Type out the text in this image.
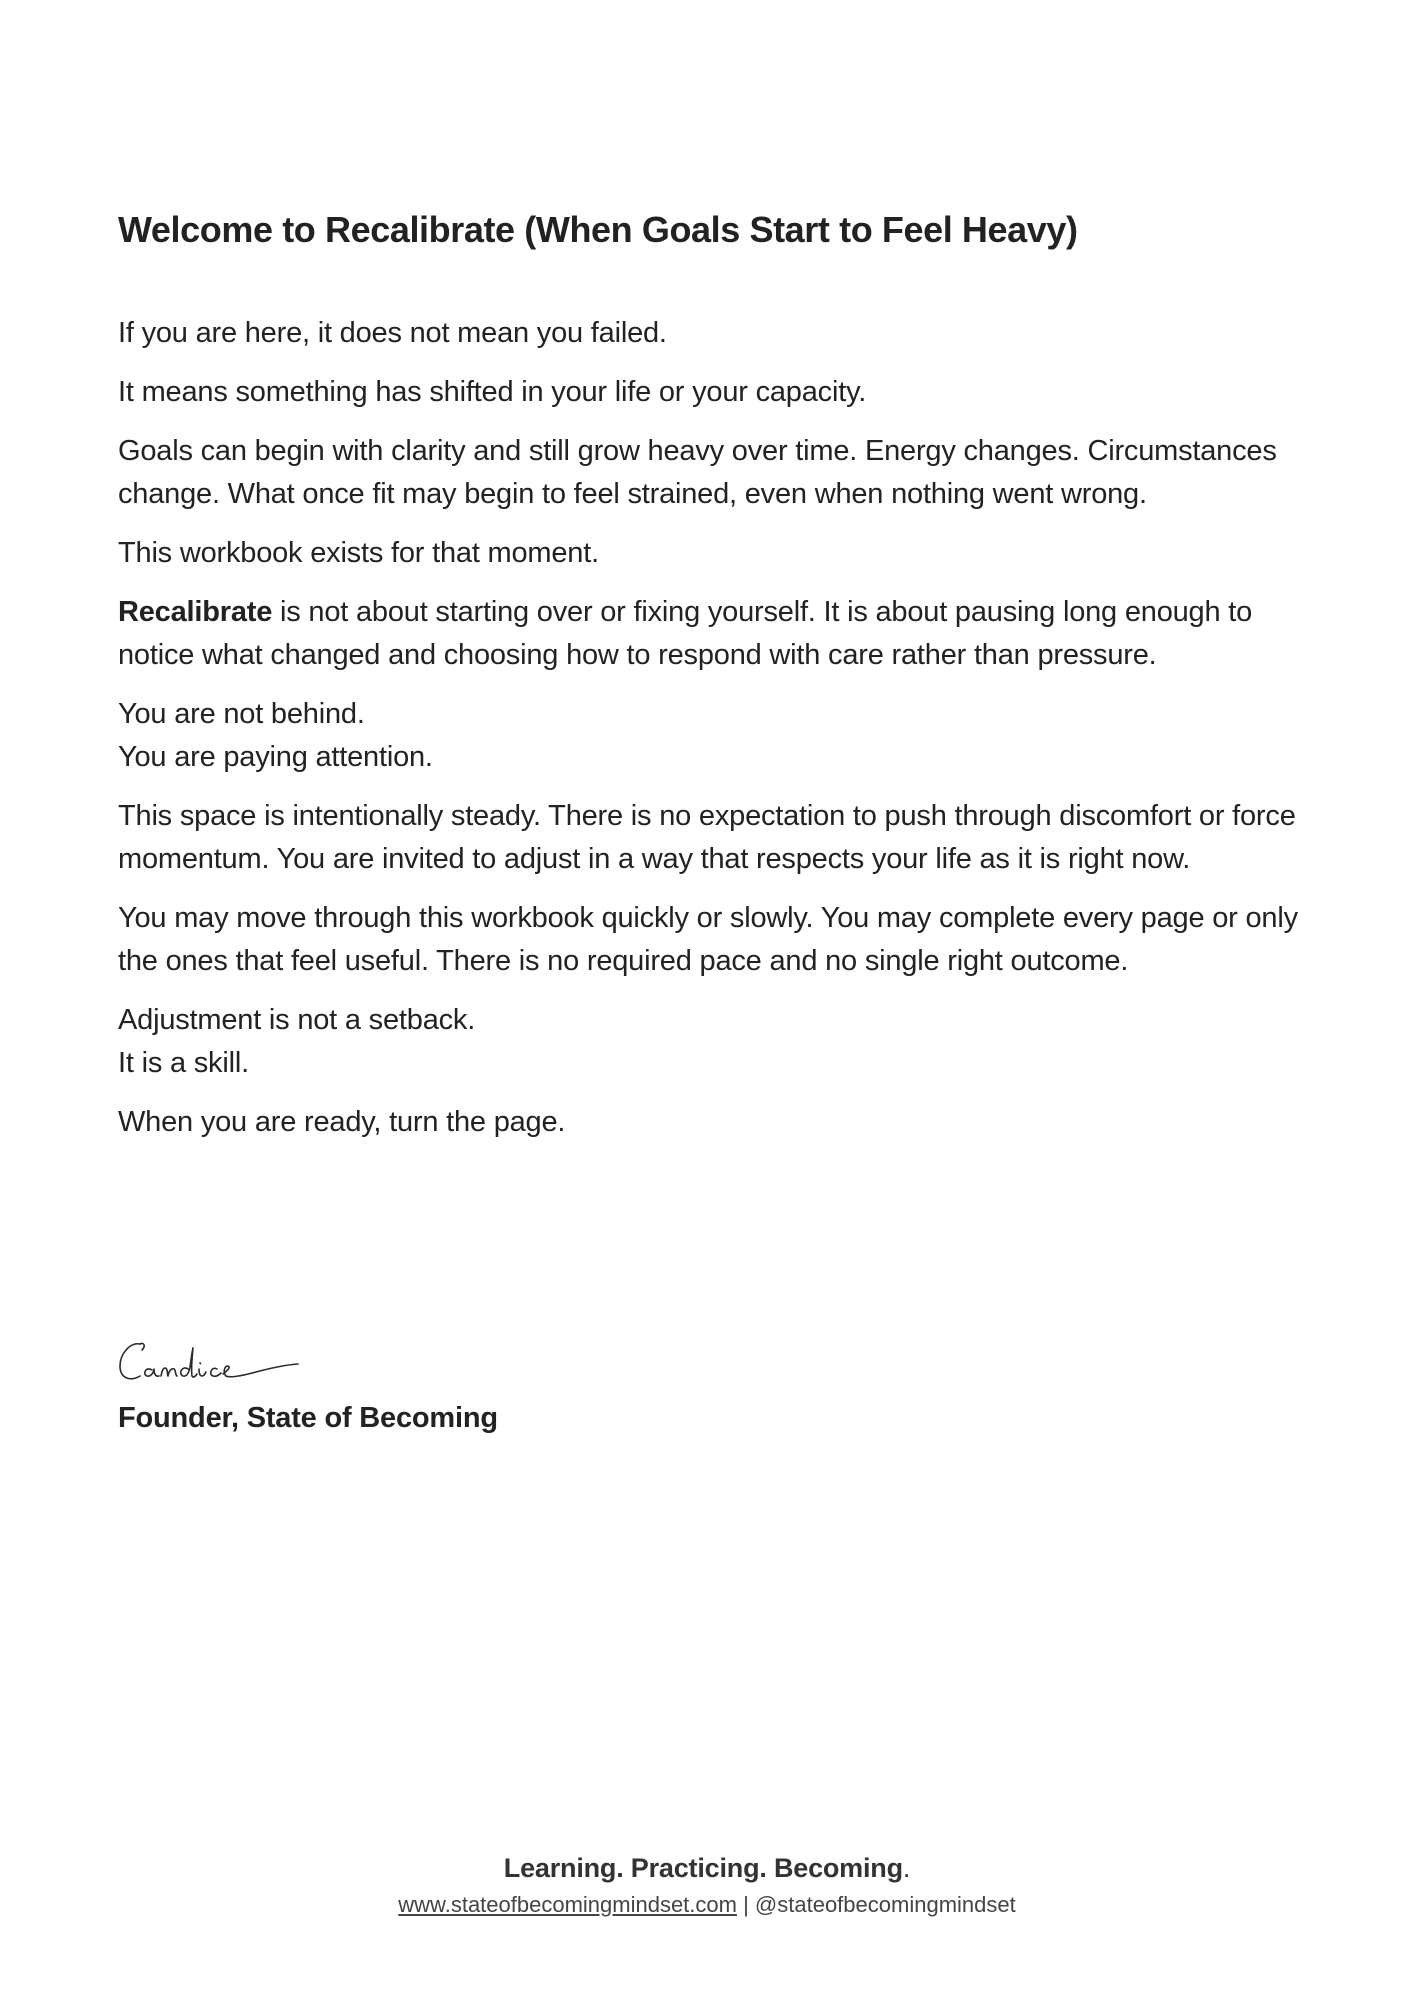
Welcome to Recalibrate (When Goals Start to Feel Heavy)

If you are here, it does not mean you failed.

It means something has shifted in your life or your capacity.

Goals can begin with clarity and still grow heavy over time. Energy changes. Circumstances change. What once fit may begin to feel strained, even when nothing went wrong.

This workbook exists for that moment.

Recalibrate is not about starting over or fixing yourself. It is about pausing long enough to notice what changed and choosing how to respond with care rather than pressure.

You are not behind.
You are paying attention.

This space is intentionally steady. There is no expectation to push through discomfort or force momentum. You are invited to adjust in a way that respects your life as it is right now.

You may move through this workbook quickly or slowly. You may complete every page or only the ones that feel useful. There is no required pace and no single right outcome.

Adjustment is not a setback.
It is a skill.

When you are ready, turn the page.

Founder, State of Becoming
Learning. Practicing. Becoming.
www.stateofbecomingmindset.com | @stateofbecomingmindset
